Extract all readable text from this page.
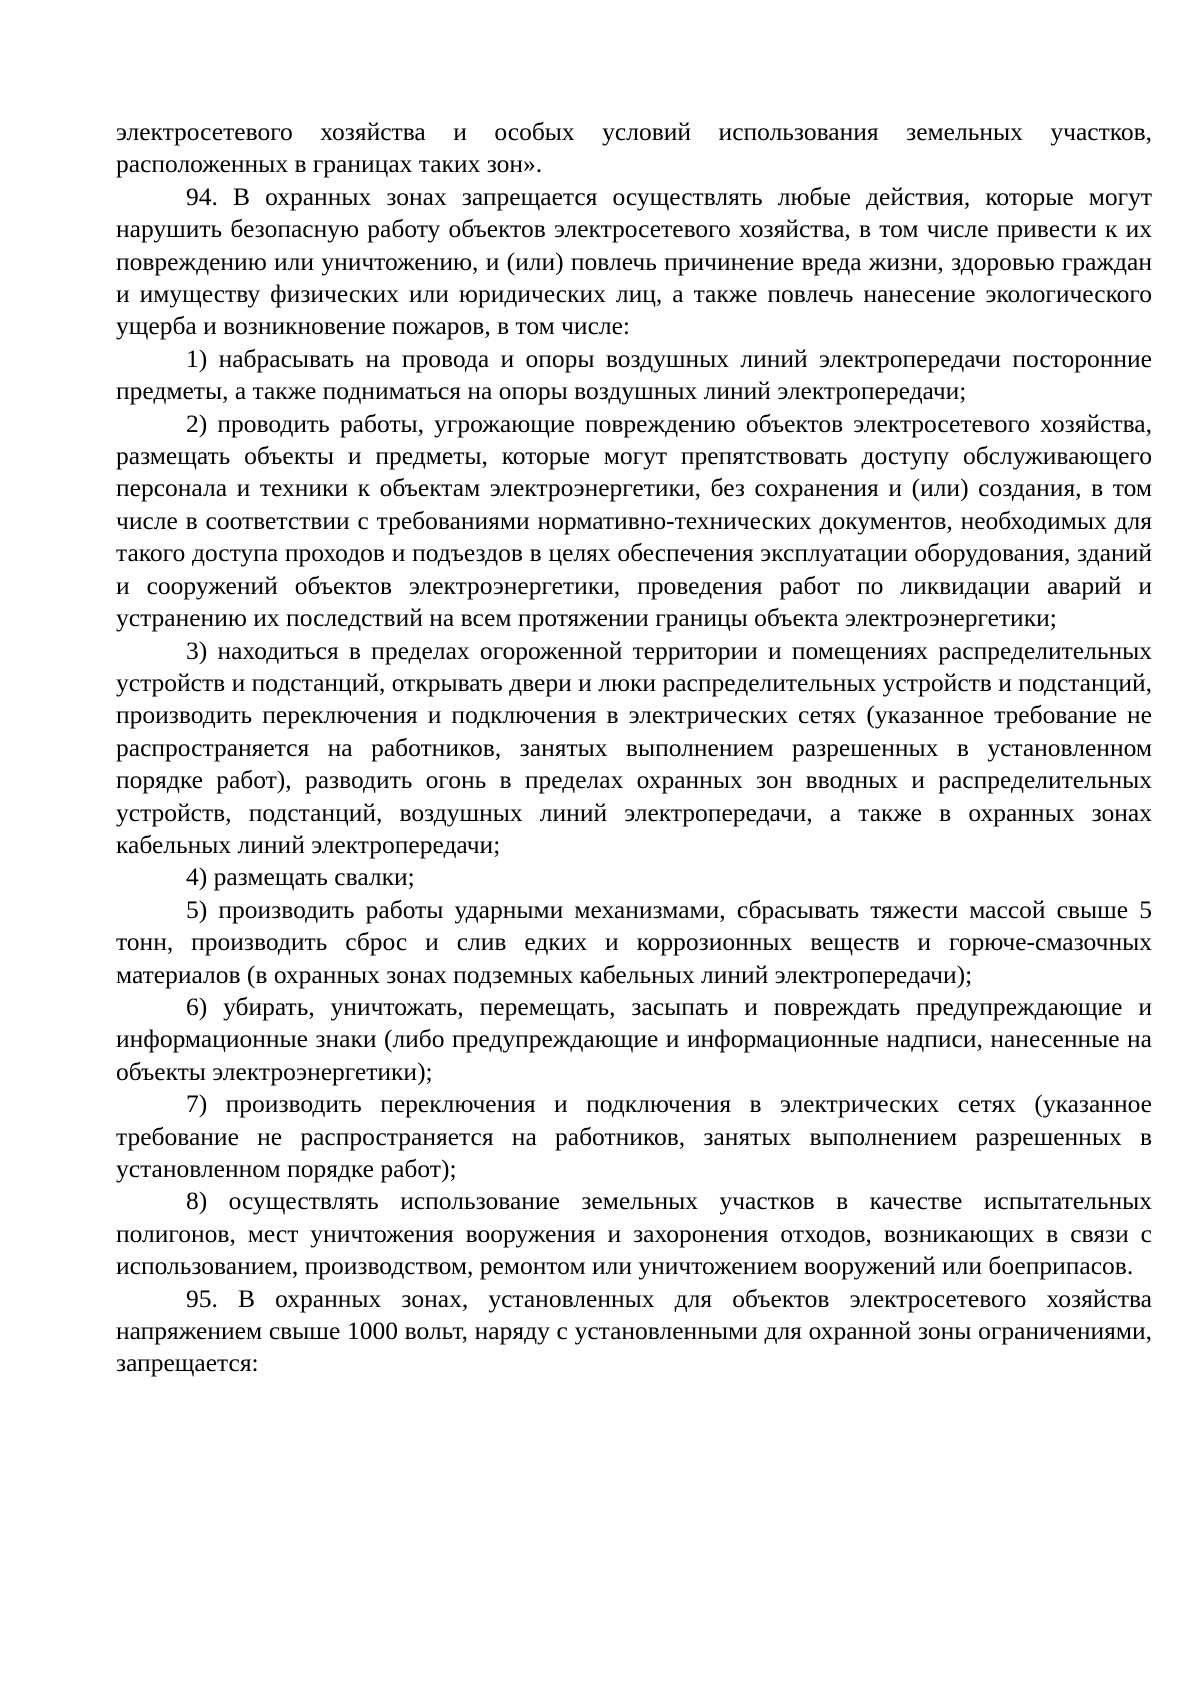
электросетевого хозяйства и особых условий использования земельных участков, расположенных в границах таких зон».

94. В охранных зонах запрещается осуществлять любые действия, которые могут нарушить безопасную работу объектов электросетевого хозяйства, в том числе привести к их повреждению или уничтожению, и (или) повлечь причинение вреда жизни, здоровью граждан и имуществу физических или юридических лиц, а также повлечь нанесение экологического ущерба и возникновение пожаров, в том числе:

1) набрасывать на провода и опоры воздушных линий электропередачи посторонние предметы, а также подниматься на опоры воздушных линий электропередачи;

2) проводить работы, угрожающие повреждению объектов электросетевого хозяйства, размещать объекты и предметы, которые могут препятствовать доступу обслуживающего персонала и техники к объектам электроэнергетики, без сохранения и (или) создания, в том числе в соответствии с требованиями нормативно-технических документов, необходимых для такого доступа проходов и подъездов в целях обеспечения эксплуатации оборудования, зданий и сооружений объектов электроэнергетики, проведения работ по ликвидации аварий и устранению их последствий на всем протяжении границы объекта электроэнергетики;

3) находиться в пределах огороженной территории и помещениях распределительных устройств и подстанций, открывать двери и люки распределительных устройств и подстанций, производить переключения и подключения в электрических сетях (указанное требование не распространяется на работников, занятых выполнением разрешенных в установленном порядке работ), разводить огонь в пределах охранных зон вводных и распределительных устройств, подстанций, воздушных линий электропередачи, а также в охранных зонах кабельных линий электропередачи;

4) размещать свалки;

5) производить работы ударными механизмами, сбрасывать тяжести массой свыше 5 тонн, производить сброс и слив едких и коррозионных веществ и горюче-смазочных материалов (в охранных зонах подземных кабельных линий электропередачи);

6) убирать, уничтожать, перемещать, засыпать и повреждать предупреждающие и информационные знаки (либо предупреждающие и информационные надписи, нанесенные на объекты электроэнергетики);

7) производить переключения и подключения в электрических сетях (указанное требование не распространяется на работников, занятых выполнением разрешенных в установленном порядке работ);

8) осуществлять использование земельных участков в качестве испытательных полигонов, мест уничтожения вооружения и захоронения отходов, возникающих в связи с использованием, производством, ремонтом или уничтожением вооружений или боеприпасов.

95. В охранных зонах, установленных для объектов электросетевого хозяйства напряжением свыше 1000 вольт, наряду с установленными для охранной зоны ограничениями, запрещается:
